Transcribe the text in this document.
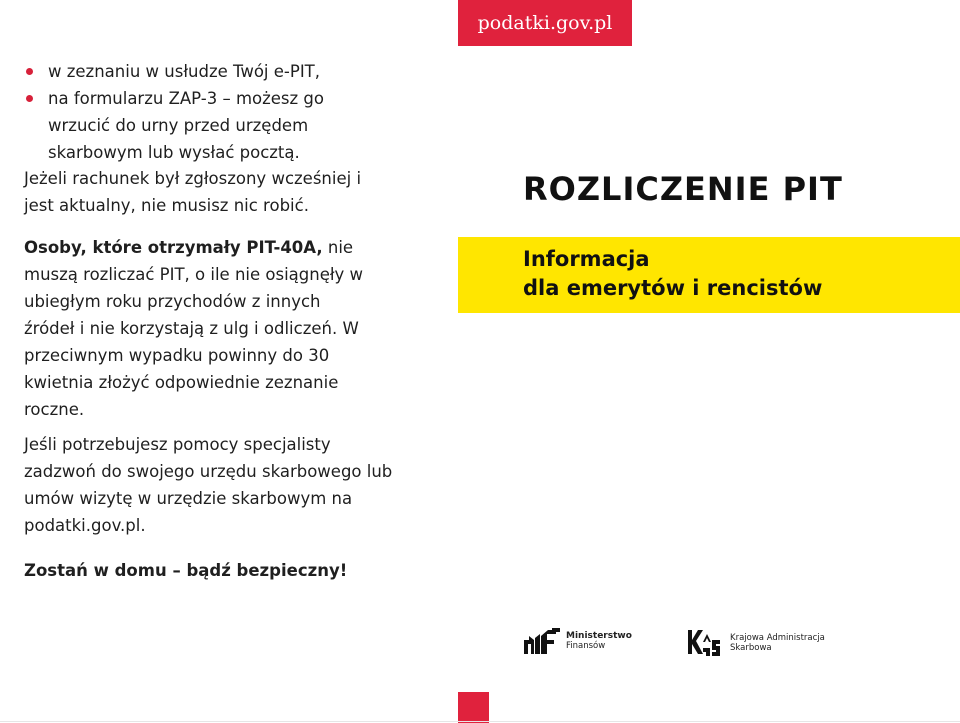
w zeznaniu w usłudze Twój e-PIT,
na formularzu ZAP-3 – możesz go wrzucić do urny przed urzędem skarbowym lub wysłać pocztą.

Jeżeli rachunek był zgłoszony wcześniej i jest aktualny, nie musisz nic robić.

Osoby, które otrzymały PIT-40A, nie muszą rozliczać PIT, o ile nie osiągnęły w ubiegłym roku przychodów z innych źródeł i nie korzystają z ulg i odliczeń. W przeciwnym wypadku powinny do 30 kwietnia złożyć odpowiednie zeznanie roczne.

Jeśli potrzebujesz pomocy specjalisty zadzwoń do swojego urzędu skarbowego lub umów wizytę w urzędzie skarbowym na podatki.gov.pl.

Zostań w domu – bądź bezpieczny!

podatki.gov.pl
ROZLICZENIE PIT
Informacja
dla emerytów i rencistów
Ministerstwo
Finansów
Krajowa Administracja
Skarbowa
